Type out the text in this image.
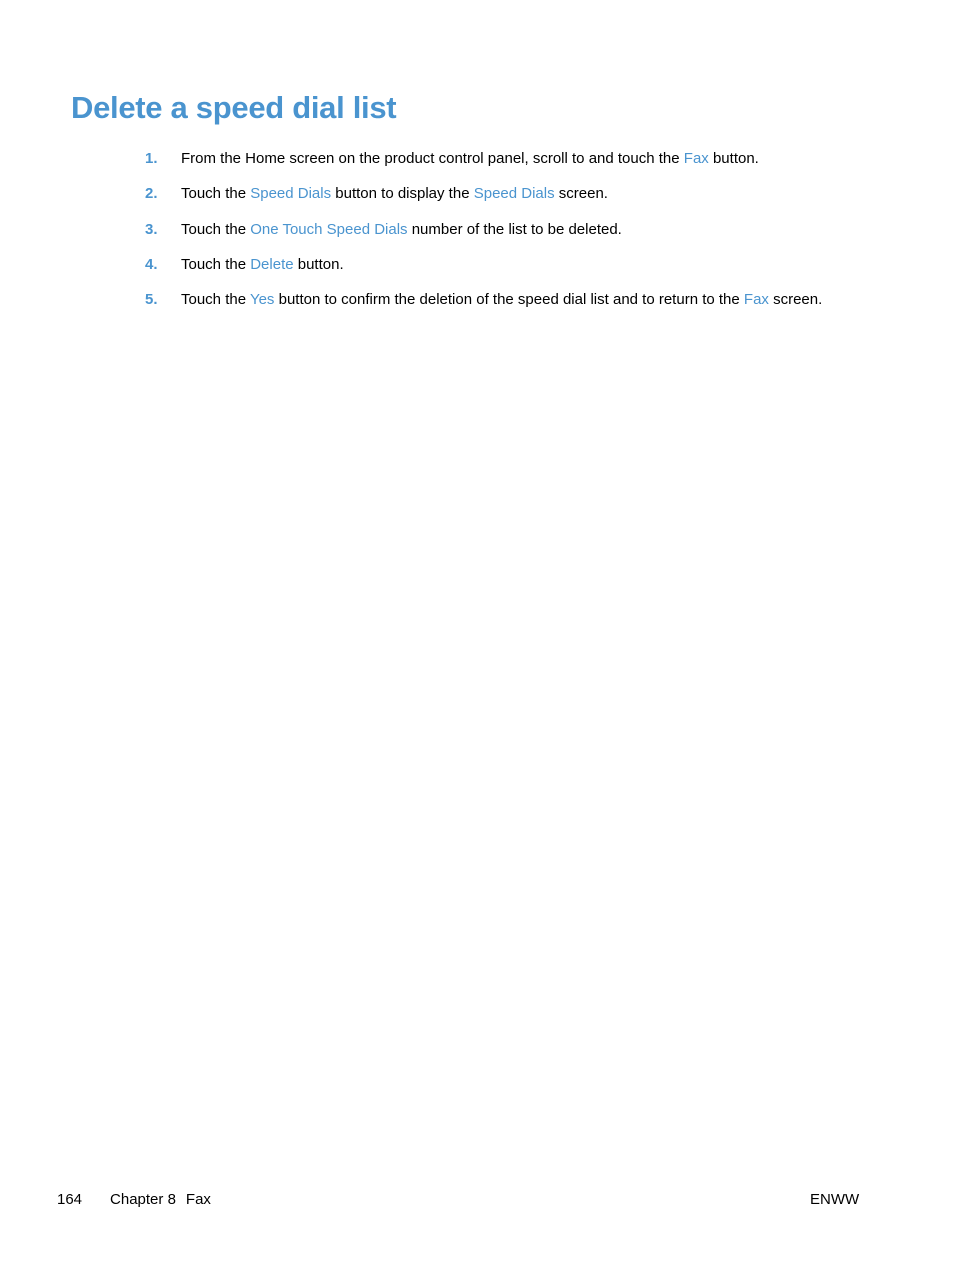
Delete a speed dial list
1. From the Home screen on the product control panel, scroll to and touch the Fax button.
2. Touch the Speed Dials button to display the Speed Dials screen.
3. Touch the One Touch Speed Dials number of the list to be deleted.
4. Touch the Delete button.
5. Touch the Yes button to confirm the deletion of the speed dial list and to return to the Fax screen.
164 Chapter 8 Fax	ENWW
